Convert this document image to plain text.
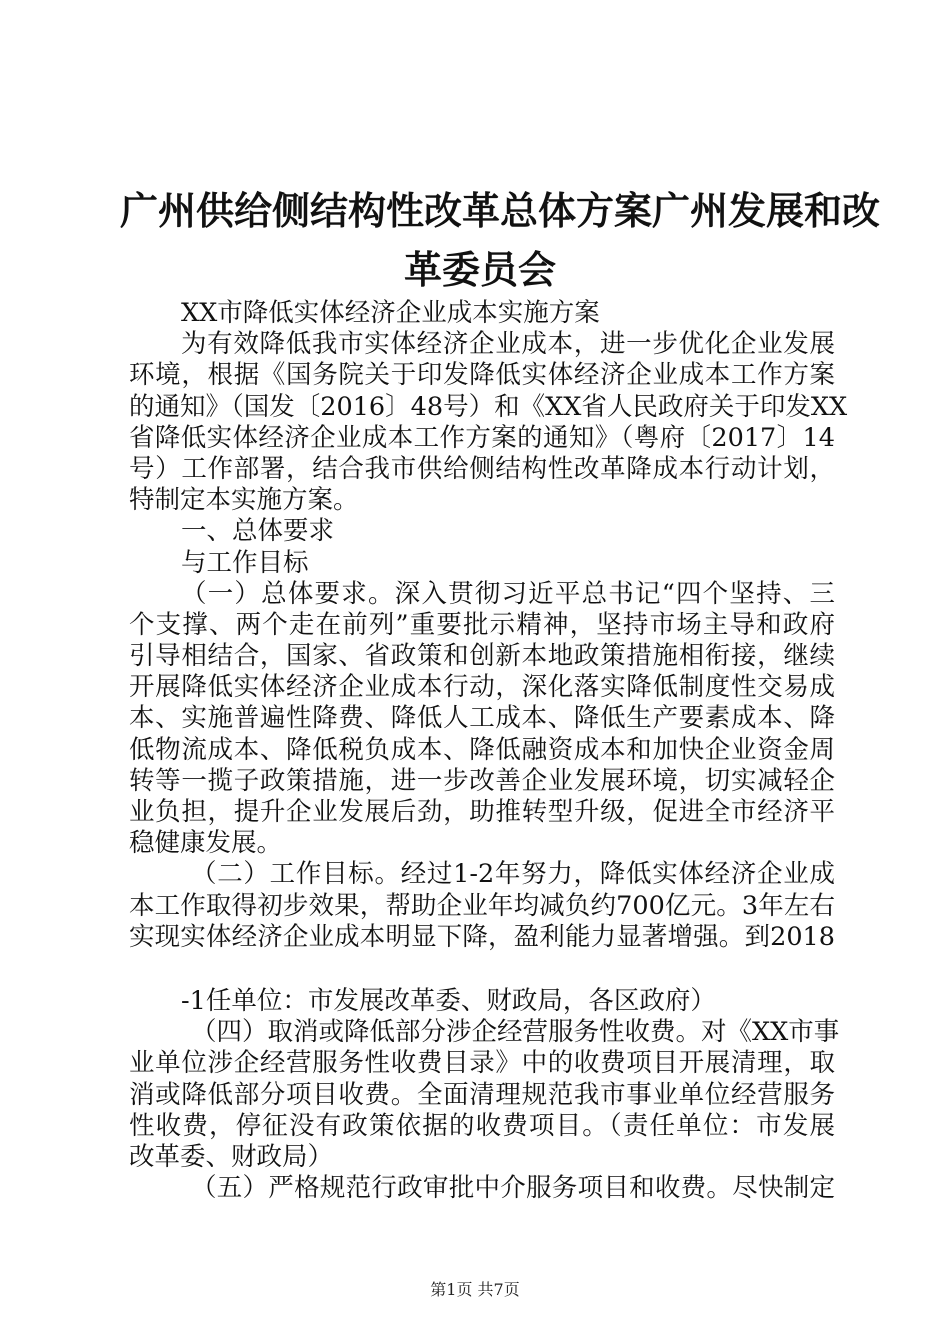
广州供给侧结构性改革总体方案广州发展和改
革委员会
XX市降低实体经济企业成本实施方案
为有效降低我市实体经济企业成本，进一步优化企业发展
环境，根据《国务院关于印发降低实体经济企业成本工作方案
的通知》（国发〔2016〕48号）和《XX省人民政府关于印发XX
省降低实体经济企业成本工作方案的通知》（粤府〔2017〕14
号）工作部署，结合我市供给侧结构性改革降成本行动计划，
特制定本实施方案。
一、总体要求
与工作目标
（一）总体要求。深入贯彻习近平总书记“四个坚持、三
个支撑、两个走在前列”重要批示精神，坚持市场主导和政府
引导相结合，国家、省政策和创新本地政策措施相衔接，继续
开展降低实体经济企业成本行动，深化落实降低制度性交易成
本、实施普遍性降费、降低人工成本、降低生产要素成本、降
低物流成本、降低税负成本、降低融资成本和加快企业资金周
转等一揽子政策措施，进一步改善企业发展环境，切实减轻企
业负担，提升企业发展后劲，助推转型升级，促进全市经济平
稳健康发展。
（二）工作目标。经过1-2年努力，降低实体经济企业成
本工作取得初步效果，帮助企业年均减负约700亿元。3年左右
实现实体经济企业成本明显下降，盈利能力显著增强。到2018
-1任单位：市发展改革委、财政局，各区政府）
（四）取消或降低部分涉企经营服务性收费。对《XX市事
业单位涉企经营服务性收费目录》中的收费项目开展清理，取
消或降低部分项目收费。全面清理规范我市事业单位经营服务
性收费，停征没有政策依据的收费项目。（责任单位：市发展
改革委、财政局）
（五）严格规范行政审批中介服务项目和收费。尽快制定
第1页 共7页
